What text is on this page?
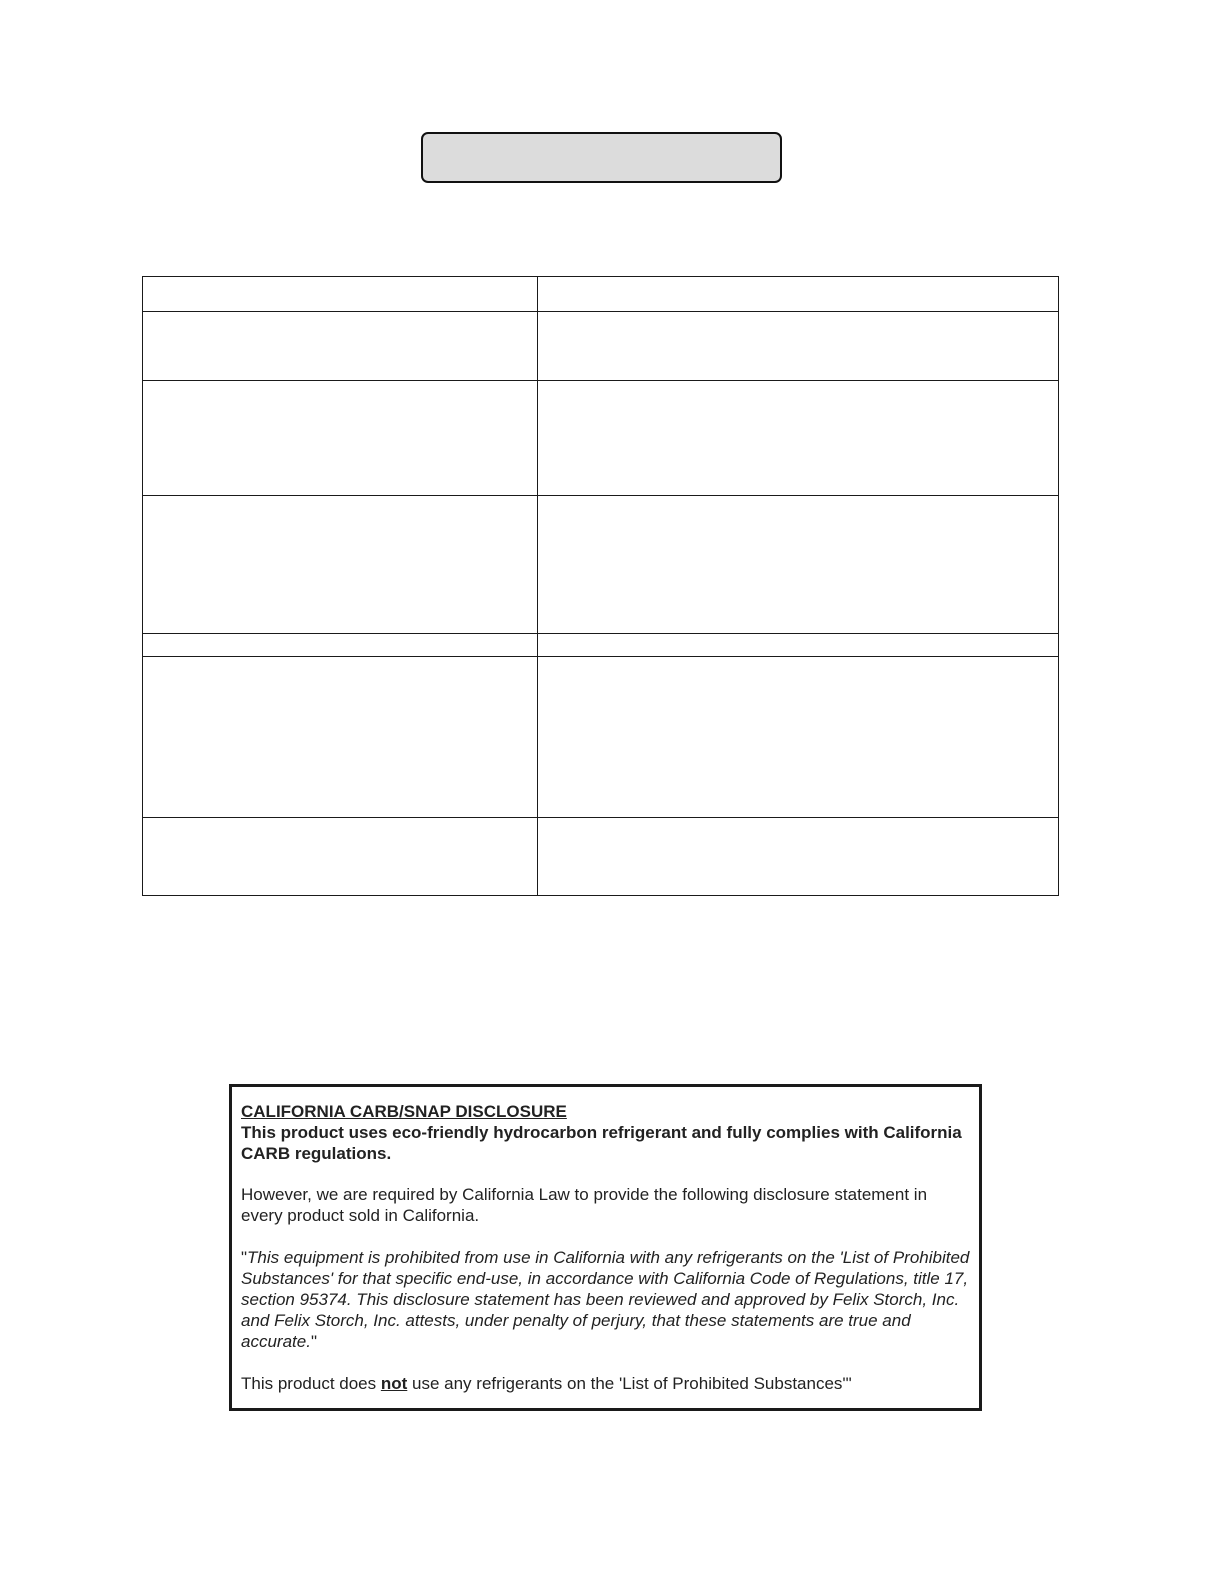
CALIFORNIA CARB/SNAP DISCLOSURE

This product uses eco-friendly hydrocarbon refrigerant and fully complies with California CARB regulations.

However, we are required by California Law to provide the following disclosure statement in every product sold in California.

"This equipment is prohibited from use in California with any refrigerants on the 'List of Prohibited Substances' for that specific end-use, in accordance with California Code of Regulations, title 17, section 95374. This disclosure statement has been reviewed and approved by Felix Storch, Inc. and Felix Storch, Inc. attests, under penalty of perjury, that these statements are true and accurate."

This product does not use any refrigerants on the 'List of Prohibited Substances'"
